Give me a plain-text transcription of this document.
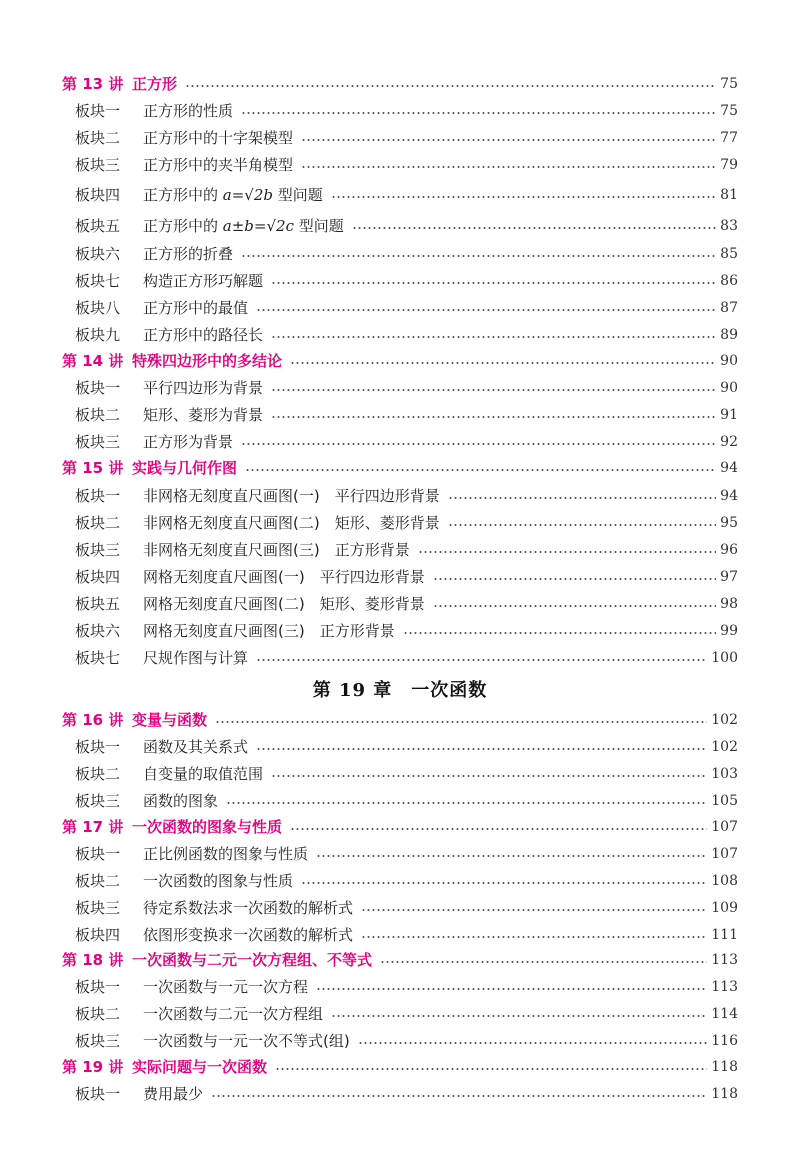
第 13 讲 正方形	75
板块一	正方形的性质	75
板块二	正方形中的十字架模型	77
板块三	正方形中的夹半角模型	79
板块四	正方形中的 a=√2b 型问题	81
板块五	正方形中的 a±b=√2c 型问题	83
板块六	正方形的折叠	85
板块七	构造正方形巧解题	86
板块八	正方形中的最值	87
板块九	正方形中的路径长	89
第 14 讲 特殊四边形中的多结论	90
板块一	平行四边形为背景	90
板块二	矩形、菱形为背景	91
板块三	正方形为背景	92
第 15 讲 实践与几何作图	94
板块一	非网格无刻度直尺画图(一)　平行四边形背景	94
板块二	非网格无刻度直尺画图(二)　矩形、菱形背景	95
板块三	非网格无刻度直尺画图(三)　正方形背景	96
板块四	网格无刻度直尺画图(一)　平行四边形背景	97
板块五	网格无刻度直尺画图(二)　矩形、菱形背景	98
板块六	网格无刻度直尺画图(三)　正方形背景	99
板块七	尺规作图与计算	100
第 19 章　一次函数
第 16 讲 变量与函数	102
板块一	函数及其关系式	102
板块二	自变量的取值范围	103
板块三	函数的图象	105
第 17 讲 一次函数的图象与性质	107
板块一	正比例函数的图象与性质	107
板块二	一次函数的图象与性质	108
板块三	待定系数法求一次函数的解析式	109
板块四	依图形变换求一次函数的解析式	111
第 18 讲 一次函数与二元一次方程组、不等式	113
板块一	一次函数与一元一次方程	113
板块二	一次函数与二元一次方程组	114
板块三	一次函数与一元一次不等式(组)	116
第 19 讲 实际问题与一次函数	118
板块一	费用最少	118
